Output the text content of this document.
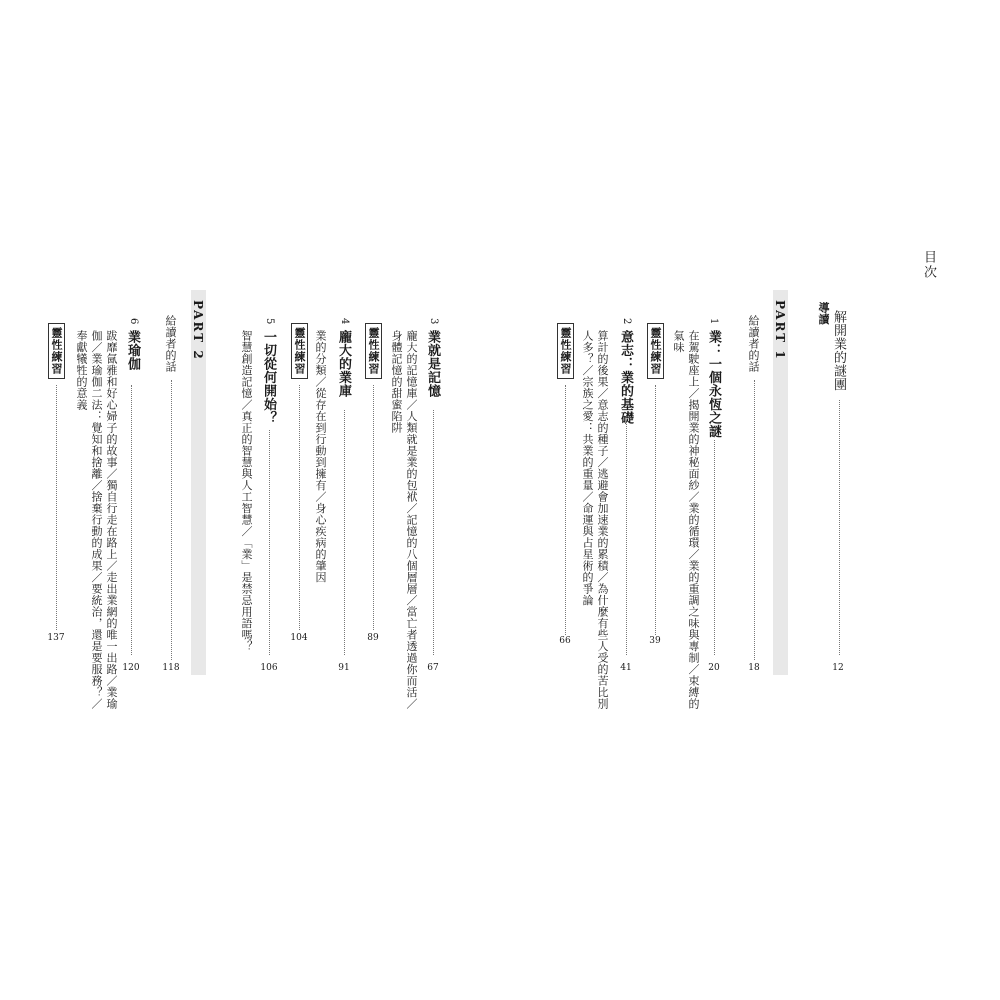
目次
導讀 解開業的謎團
12
PART 1
給讀者的話
18
1
業：一個永恆之謎
20
在駕駛座上／揭開業的神秘面紗／業的循環／業的重調之味與專制／束縛的
氣味
靈性練習
39
2
意志：業的基礎
41
算計的後果／意志的種子／逃避會加速業的累積／為什麼有些人受的苦比別
人多？／宗族之愛：共業的重量／命運與占星術的爭論
靈性練習
66
3
業就是記憶
67
龐大的記憶庫／人類就是業的包袱／記憶的八個層層／當亡者透過你而活／
身體記憶的甜蜜陷阱
靈性練習
89
4
龐大的業庫
91
業的分類／從存在到行動到擁有／身心疾病的肇因
靈性練習
104
5
一切從何開始？
106
智慧創造記憶／真正的智慧與人工智慧／「業」是禁忌用語嗎？
PART 2
給讀者的話
118
6
業瑜伽
120
跋靡氤雅和好心婦子的故事／獨自行走在路上／走出業網的唯一出路／業瑜
伽／業瑜伽二法：覺知和捨離／捨棄行動的成果／要統治，還是要服務？／
奉獻犧牲的意義
靈性練習
137
